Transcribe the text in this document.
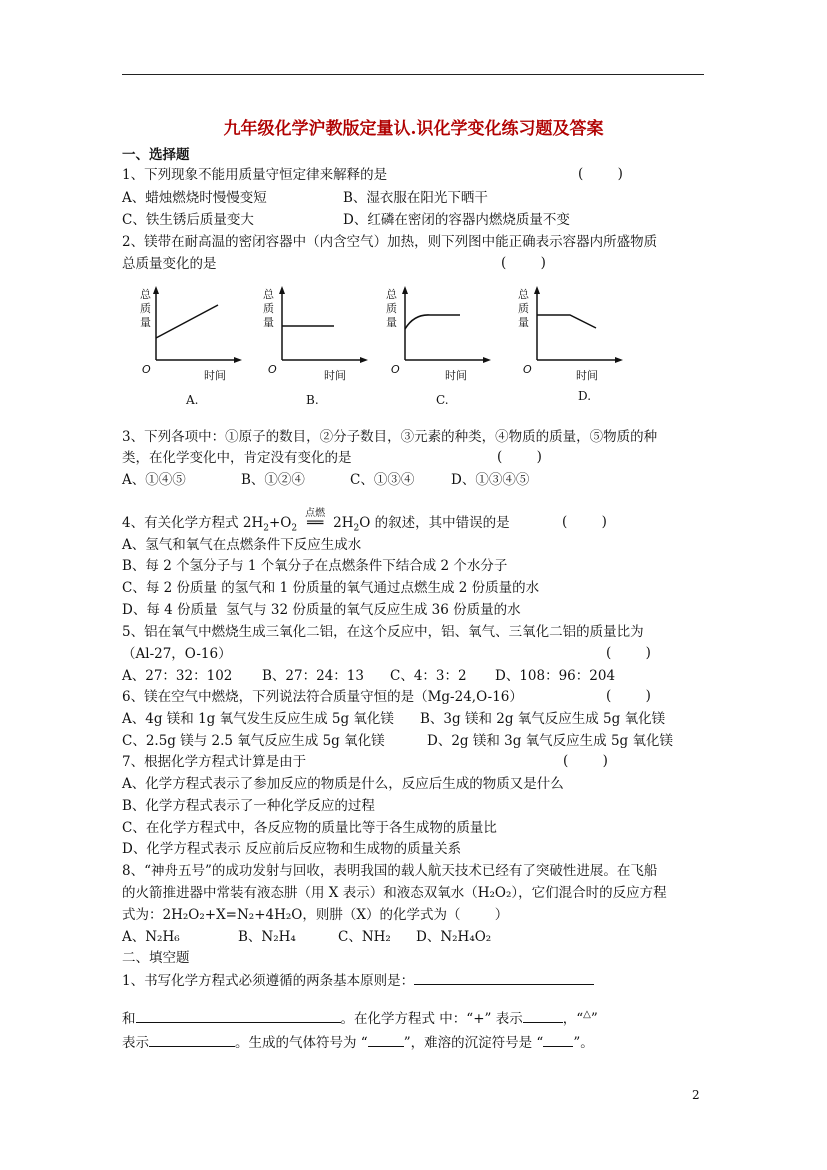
九年级化学沪教版定量认.识化学变化练习题及答案
一、选择题
1、下列现象不能用质量守恒定律来解释的是	(        )
A、蜡烛燃烧时慢慢变短	B、湿衣服在阳光下晒干
C、铁生锈后质量变大	D、红磷在密闭的容器内燃烧质量不变
2、镁带在耐高温的密闭容器中（内含空气）加热，则下列图中能正确表示容器内所盛物质
总质量变化的是	(        )
总
质
量
O	时间
A.
总
质
量
O	时间
B.
总
质
量
O	时间
C.
总
质
量
O	时间
D.
3、下列各项中：①原子的数目，②分子数目，③元素的种类，④物质的质量，⑤物质的种
类，在化学变化中，肯定没有变化的是	(        )
A、①④⑤	B、①②④	C、①③④	D、①③④⑤
4、有关化学方程式 $2H_2+O_2$
点燃
══ $2H_2O$ 的叙述，其中错误的是	(        )
A、氢气和氧气在点燃条件下反应生成水
B、每 2 个氢分子与 1 个氧分子在点燃条件下结合成 2 个水分子
C、每 2 份质量 的氢气和 1 份质量的氧气通过点燃生成 2 份质量的水
D、每 4 份质量  氢气与 32 份质量的氧气反应生成 36 份质量的水
5、铝在氧气中燃烧生成三氧化二铝，在这个反应中，铝、氧气、三氧化二铝的质量比为
（Al-27，O-16）	(        )
A、27：32：102 B、27：24：13 C、4：3：2 D、108：96：204
6、镁在空气中燃烧，下列说法符合质量守恒的是（Mg-24,O-16）	(        )
A、4g 镁和 1g 氧气发生反应生成 5g 氧化镁 B、3g 镁和 2g 氧气反应生成 5g 氧化镁
C、2.5g 镁与 2.5 氧气反应生成 5g 氧化镁	D、2g 镁和 3g 氧气反应生成 5g 氧化镁
7、根据化学方程式计算是由于	(        )
A、化学方程式表示了参加反应的物质是什么，反应后生成的物质又是什么
B、化学方程式表示了一种化学反应的过程
C、在化学方程式中，各反应物的质量比等于各生成物的质量比
D、化学方程式表示 反应前后反应物和生成物的质量关系
8、“神舟五号”的成功发射与回收，表明我国的载人航天技术已经有了突破性进展。在飞船
的火箭推进器中常装有液态肼（用 X 表示）和液态双氧水（H₂O₂），它们混合时的反应方程
式为：2H₂O₂+X=N₂+4H₂O，则肼（X）的化学式为（        ）
A、N₂H₆	B、N₂H₄	C、NH₂ D、N₂H₄O₂
二、填空题
1、书写化学方程式必须遵循的两条基本原则是：
和	。在化学方程式 中：“+” 表示	，“△”
表示	。生成的气体符号为 “	”，难溶的沉淀符号是 “ ”。
2
